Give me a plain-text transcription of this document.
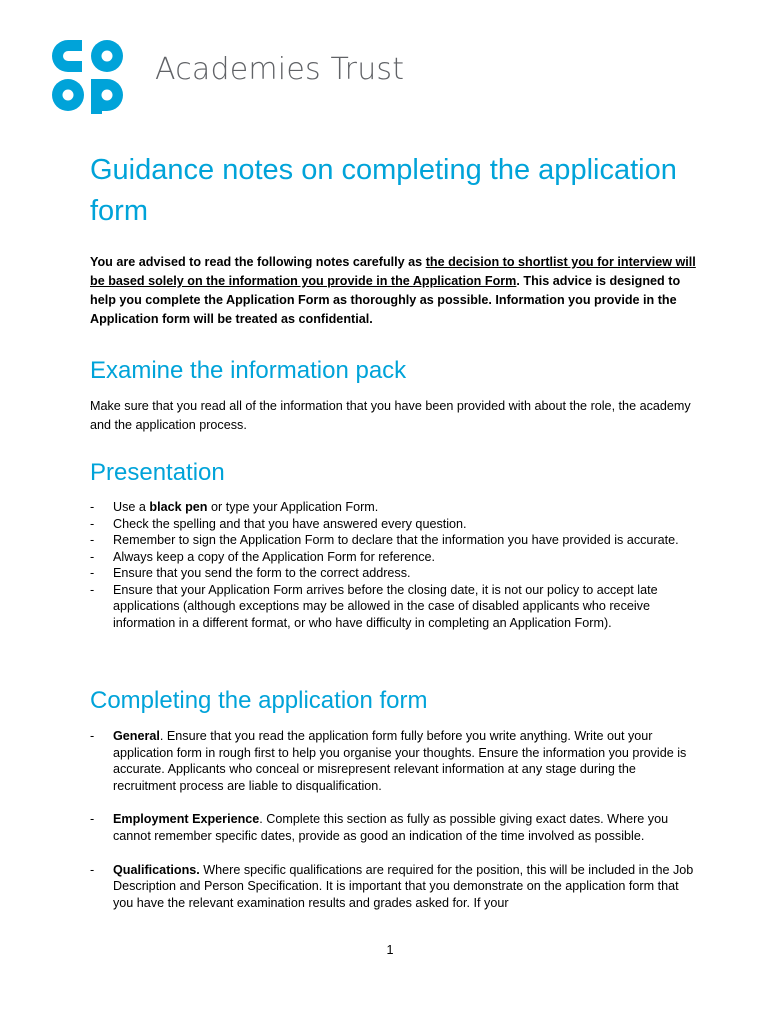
Academies Trust
Guidance notes on completing the application form

You are advised to read the following notes carefully as the decision to shortlist you for interview will be based solely on the information you provide in the Application Form. This advice is designed to help you complete the Application Form as thoroughly as possible. Information you provide in the Application form will be treated as confidential.

Examine the information pack

Make sure that you read all of the information that you have been provided with about the role, the academy and the application process.

Presentation
- Use a black pen or type your Application Form.
- Check the spelling and that you have answered every question.
- Remember to sign the Application Form to declare that the information you have provided is accurate.
- Always keep a copy of the Application Form for reference.
- Ensure that you send the form to the correct address.
- Ensure that your Application Form arrives before the closing date, it is not our policy to accept late applications (although exceptions may be allowed in the case of disabled applicants who receive information in a different format, or who have difficulty in completing an Application Form).
Completing the application form
- General. Ensure that you read the application form fully before you write anything. Write out your application form in rough first to help you organise your thoughts. Ensure the information you provide is accurate. Applicants who conceal or misrepresent relevant information at any stage during the recruitment process are liable to disqualification.
- Employment Experience. Complete this section as fully as possible giving exact dates. Where you cannot remember specific dates, provide as good an indication of the time involved as possible.
- Qualifications. Where specific qualifications are required for the position, this will be included in the Job Description and Person Specification. It is important that you demonstrate on the application form that you have the relevant examination results and grades asked for. If your
1
